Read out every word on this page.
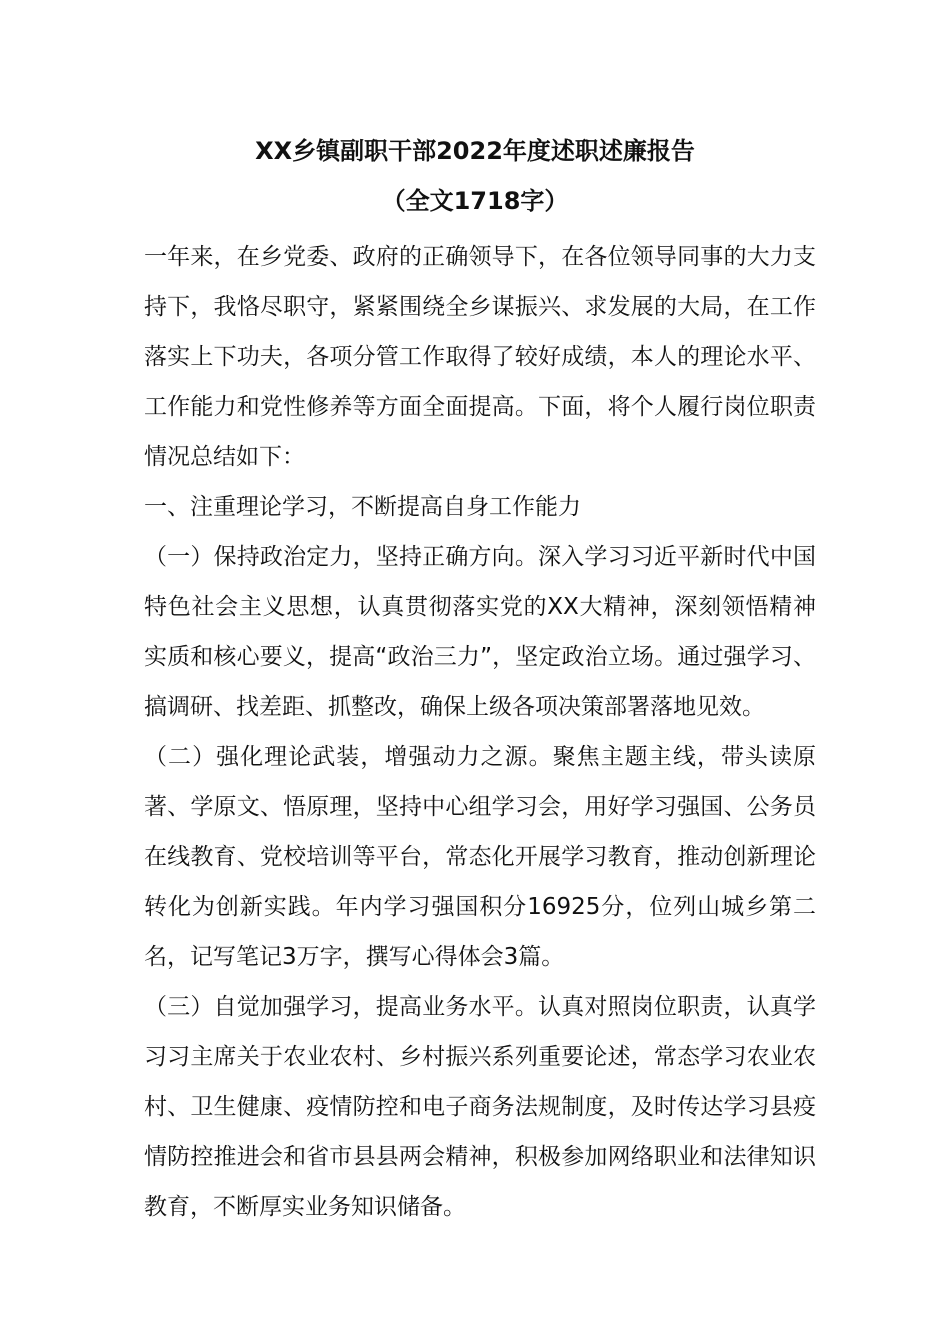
XX乡镇副职干部2022年度述职述廉报告
（全文1718字）

一年来，在乡党委、政府的正确领导下，在各位领导同事的大力支持下，我恪尽职守，紧紧围绕全乡谋振兴、求发展的大局，在工作落实上下功夫，各项分管工作取得了较好成绩，本人的理论水平、工作能力和党性修养等方面全面提高。下面，将个人履行岗位职责情况总结如下：

一、注重理论学习，不断提高自身工作能力

（一）保持政治定力，坚持正确方向。深入学习习近平新时代中国特色社会主义思想，认真贯彻落实党的XX大精神，深刻领悟精神实质和核心要义，提高“政治三力”，坚定政治立场。通过强学习、搞调研、找差距、抓整改，确保上级各项决策部署落地见效。

（二）强化理论武装，增强动力之源。聚焦主题主线，带头读原著、学原文、悟原理，坚持中心组学习会，用好学习强国、公务员在线教育、党校培训等平台，常态化开展学习教育，推动创新理论转化为创新实践。年内学习强国积分16925分，位列山城乡第二名，记写笔记3万字，撰写心得体会3篇。

（三）自觉加强学习，提高业务水平。认真对照岗位职责，认真学习习主席关于农业农村、乡村振兴系列重要论述，常态学习农业农村、卫生健康、疫情防控和电子商务法规制度，及时传达学习县疫情防控推进会和省市县县两会精神，积极参加网络职业和法律知识教育，不断厚实业务知识储备。
